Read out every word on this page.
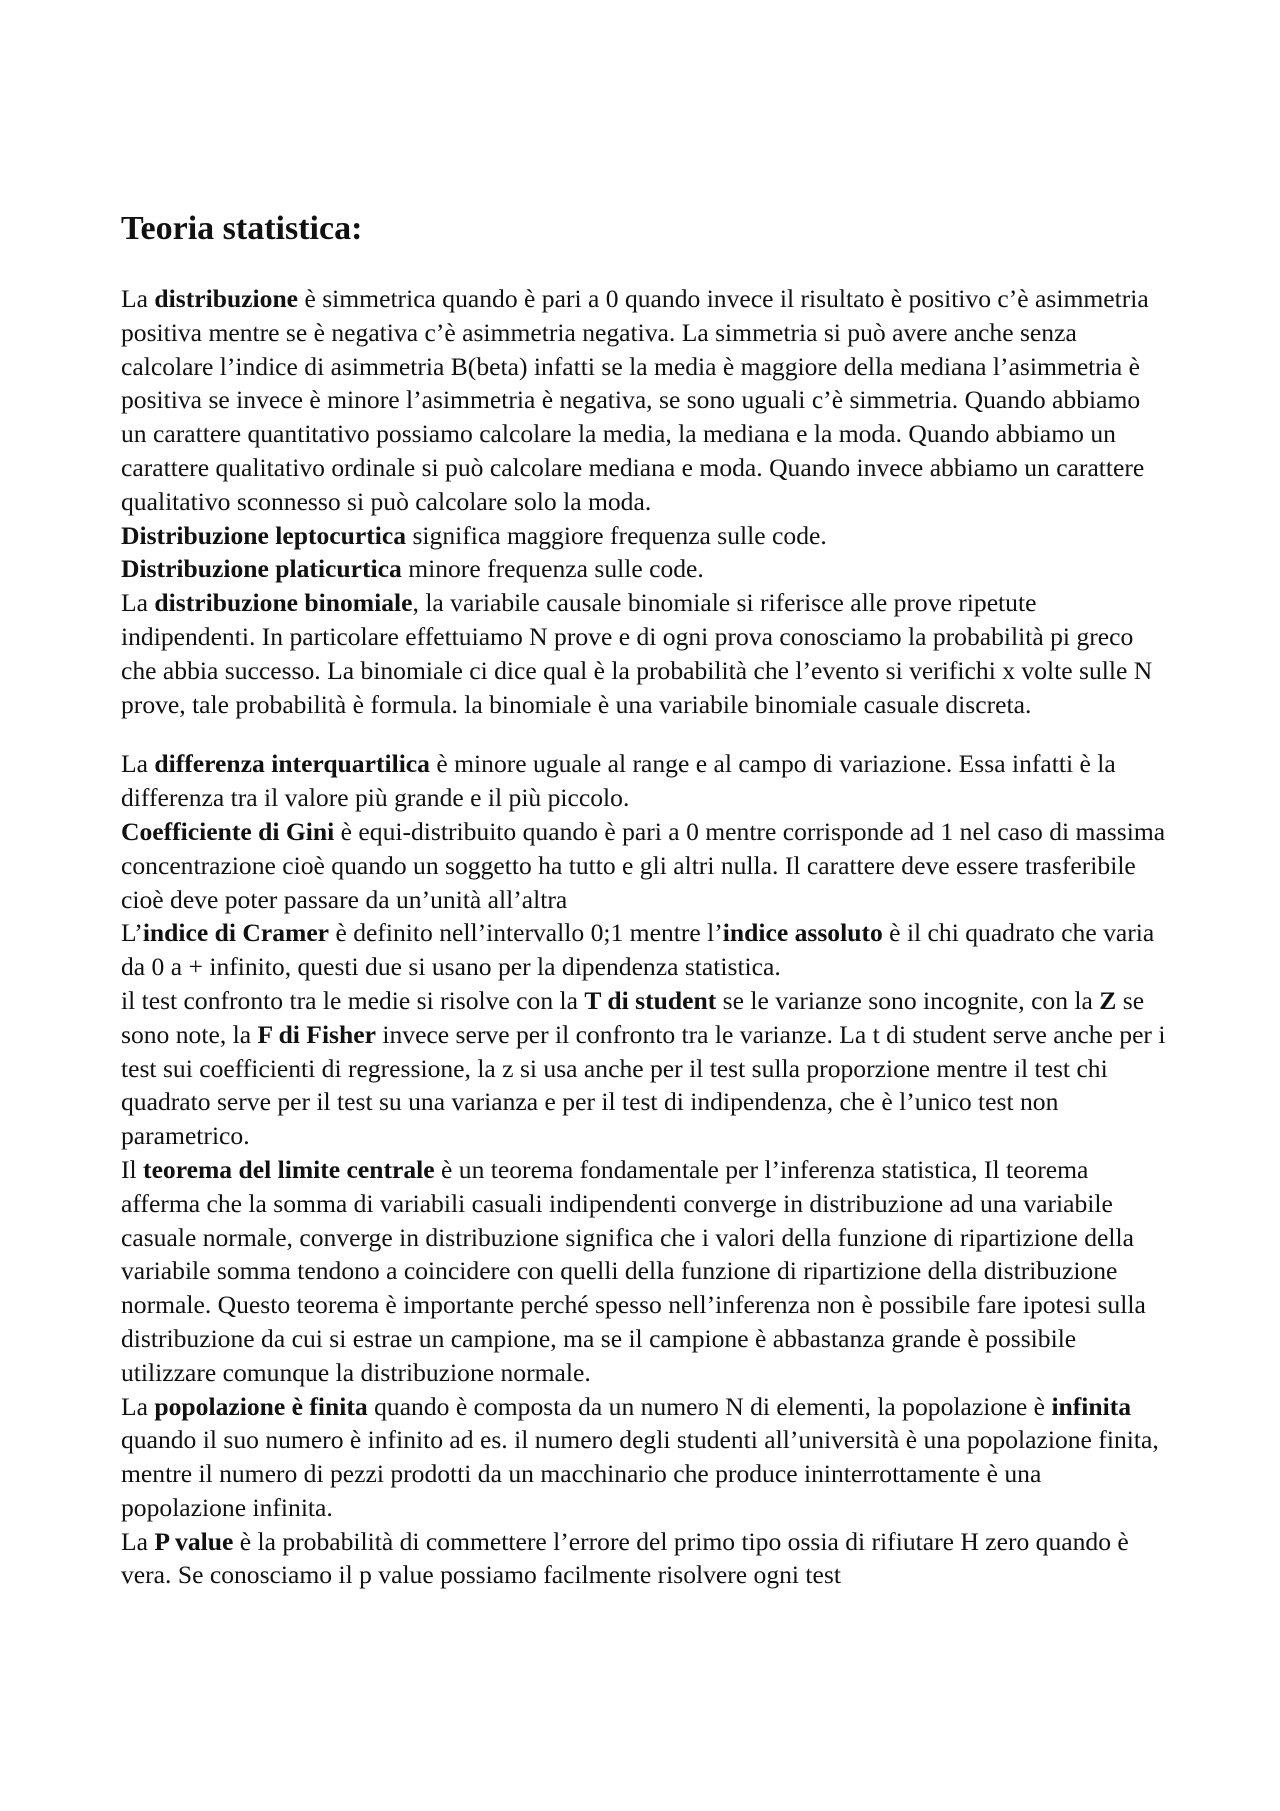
Teoria statistica:

La distribuzione è simmetrica quando è pari a 0 quando invece il risultato è positivo c’è asimmetria positiva mentre se è negativa c’è asimmetria negativa. La simmetria si può avere anche senza calcolare l’indice di asimmetria B(beta) infatti se la media è maggiore della mediana l’asimmetria è positiva se invece è minore l’asimmetria è negativa, se sono uguali c’è simmetria. Quando abbiamo un carattere quantitativo possiamo calcolare la media, la mediana e la moda. Quando abbiamo un carattere qualitativo ordinale si può calcolare mediana e moda. Quando invece abbiamo un carattere qualitativo sconnesso si può calcolare solo la moda.

Distribuzione leptocurtica significa maggiore frequenza sulle code.

Distribuzione platicurtica minore frequenza sulle code.

La distribuzione binomiale, la variabile causale binomiale si riferisce alle prove ripetute indipendenti. In particolare effettuiamo N prove e di ogni prova conosciamo la probabilità pi greco che abbia successo. La binomiale ci dice qual è la probabilità che l’evento si verifichi x volte sulle N prove, tale probabilità è formula. la binomiale è una variabile binomiale casuale discreta.

La differenza interquartilica è minore uguale al range e al campo di variazione. Essa infatti è la differenza tra il valore più grande e il più piccolo.

Coefficiente di Gini è equi-distribuito quando è pari a 0 mentre corrisponde ad 1 nel caso di massima concentrazione cioè quando un soggetto ha tutto e gli altri nulla. Il carattere deve essere trasferibile cioè deve poter passare da un’unità all’altra

L’indice di Cramer è definito nell’intervallo 0;1 mentre l’indice assoluto è il chi quadrato che varia da 0 a + infinito, questi due si usano per la dipendenza statistica.

il test confronto tra le medie si risolve con la T di student se le varianze sono incognite, con la Z se sono note, la F di Fisher invece serve per il confronto tra le varianze. La t di student serve anche per i test sui coefficienti di regressione, la z si usa anche per il test sulla proporzione mentre il test chi quadrato serve per il test su una varianza e per il test di indipendenza, che è l’unico test non parametrico.

Il teorema del limite centrale è un teorema fondamentale per l’inferenza statistica, Il teorema afferma che la somma di variabili casuali indipendenti converge in distribuzione ad una variabile casuale normale, converge in distribuzione significa che i valori della funzione di ripartizione della variabile somma tendono a coincidere con quelli della funzione di ripartizione della distribuzione normale. Questo teorema è importante perché spesso nell’inferenza non è possibile fare ipotesi sulla distribuzione da cui si estrae un campione, ma se il campione è abbastanza grande è possibile utilizzare comunque la distribuzione normale.

La popolazione è finita quando è composta da un numero N di elementi, la popolazione è infinita quando il suo numero è infinito ad es. il numero degli studenti all’università è una popolazione finita, mentre il numero di pezzi prodotti da un macchinario che produce ininterrottamente è una popolazione infinita.

La P value è la probabilità di commettere l’errore del primo tipo ossia di rifiutare H zero quando è vera. Se conosciamo il p value possiamo facilmente risolvere ogni test
